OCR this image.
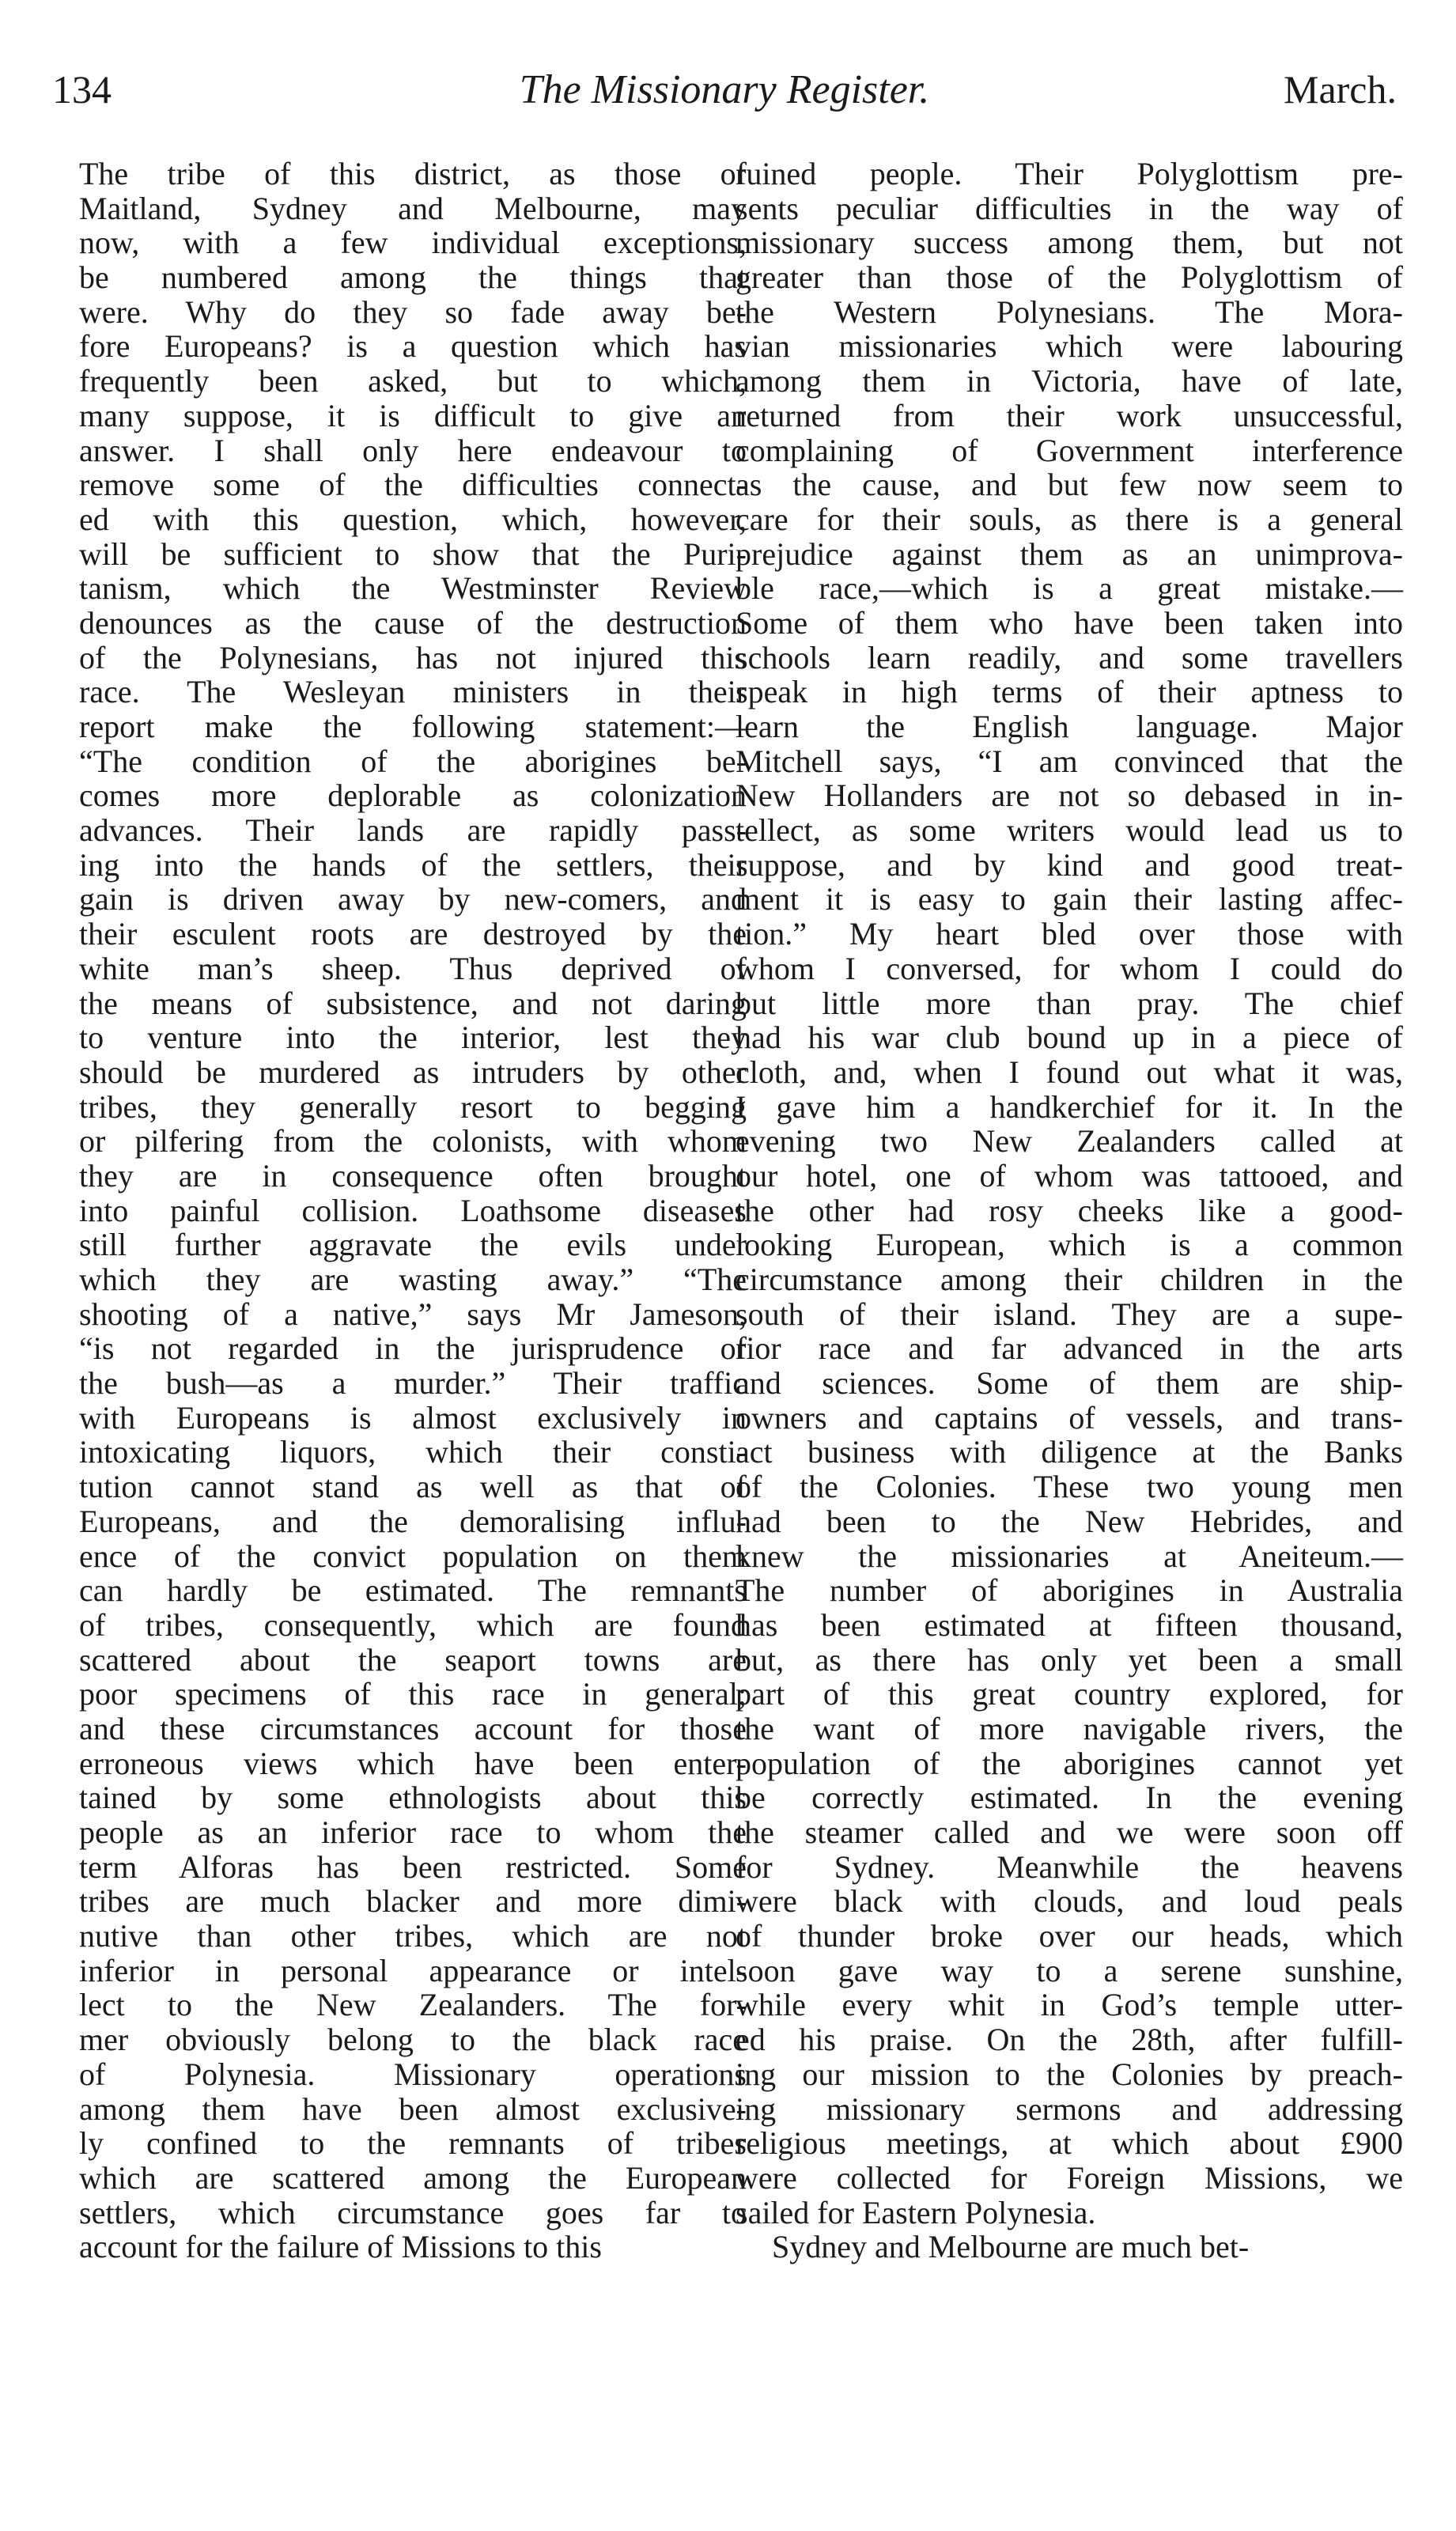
134	The Missionary Register.	March.
The tribe of this district, as those of
Maitland, Sydney and Melbourne, may
now, with a few individual exceptions,
be numbered among the things that
were. Why do they so fade away be-
fore Europeans? is a question which has
frequently been asked, but to which,
many suppose, it is difficult to give an
answer. I shall only here endeavour to
remove some of the difficulties connect-
ed with this question, which, however,
will be sufficient to show that the Puri-
tanism, which the Westminster Review
denounces as the cause of the destruction
of the Polynesians, has not injured this
race. The Wesleyan ministers in their
report make the following statement:—
“The condition of the aborigines be-
comes more deplorable as colonization
advances. Their lands are rapidly pass-
ing into the hands of the settlers, their
gain is driven away by new-comers, and
their esculent roots are destroyed by the
white man’s sheep. Thus deprived of
the means of subsistence, and not daring
to venture into the interior, lest they
should be murdered as intruders by other
tribes, they generally resort to begging
or pilfering from the colonists, with whom
they are in consequence often brought
into painful collision. Loathsome diseases
still further aggravate the evils under
which they are wasting away.” “The
shooting of a native,” says Mr Jameson,
“is not regarded in the jurisprudence of
the bush—as a murder.” Their traffic
with Europeans is almost exclusively in
intoxicating liquors, which their consti-
tution cannot stand as well as that of
Europeans, and the demoralising influ-
ence of the convict population on them
can hardly be estimated. The remnants
of tribes, consequently, which are found
scattered about the seaport towns are
poor specimens of this race in general;
and these circumstances account for those
erroneous views which have been enter-
tained by some ethnologists about this
people as an inferior race to whom the
term Alforas has been restricted. Some
tribes are much blacker and more dimi-
nutive than other tribes, which are not
inferior in personal appearance or intel-
lect to the New Zealanders. The for-
mer obviously belong to the black race
of Polynesia. Missionary operations
among them have been almost exclusive-
ly confined to the remnants of tribes
which are scattered among the European
settlers, which circumstance goes far to
account for the failure of Missions to this
ruined people. Their Polyglottism pre-
sents peculiar difficulties in the way of
missionary success among them, but not
greater than those of the Polyglottism of
the Western Polynesians. The Mora-
vian missionaries which were labouring
among them in Victoria, have of late,
returned from their work unsuccessful,
complaining of Government interference
as the cause, and but few now seem to
care for their souls, as there is a general
prejudice against them as an unimprova-
ble race,—which is a great mistake.—
Some of them who have been taken into
schools learn readily, and some travellers
speak in high terms of their aptness to
learn the English language. Major
Mitchell says, “I am convinced that the
New Hollanders are not so debased in in-
tellect, as some writers would lead us to
suppose, and by kind and good treat-
ment it is easy to gain their lasting affec-
tion.” My heart bled over those with
whom I conversed, for whom I could do
but little more than pray. The chief
had his war club bound up in a piece of
cloth, and, when I found out what it was,
I gave him a handkerchief for it. In the
evening two New Zealanders called at
our hotel, one of whom was tattooed, and
the other had rosy cheeks like a good-
looking European, which is a common
circumstance among their children in the
south of their island. They are a supe-
rior race and far advanced in the arts
and sciences. Some of them are ship-
owners and captains of vessels, and trans-
act business with diligence at the Banks
of the Colonies. These two young men
had been to the New Hebrides, and
knew the missionaries at Aneiteum.—
The number of aborigines in Australia
has been estimated at fifteen thousand,
but, as there has only yet been a small
part of this great country explored, for
the want of more navigable rivers, the
population of the aborigines cannot yet
be correctly estimated. In the evening
the steamer called and we were soon off
for Sydney. Meanwhile the heavens
were black with clouds, and loud peals
of thunder broke over our heads, which
soon gave way to a serene sunshine,
while every whit in God’s temple utter-
ed his praise. On the 28th, after fulfill-
ing our mission to the Colonies by preach-
ing missionary sermons and addressing
religious meetings, at which about £900
were collected for Foreign Missions, we
sailed for Eastern Polynesia.
Sydney and Melbourne are much bet-
